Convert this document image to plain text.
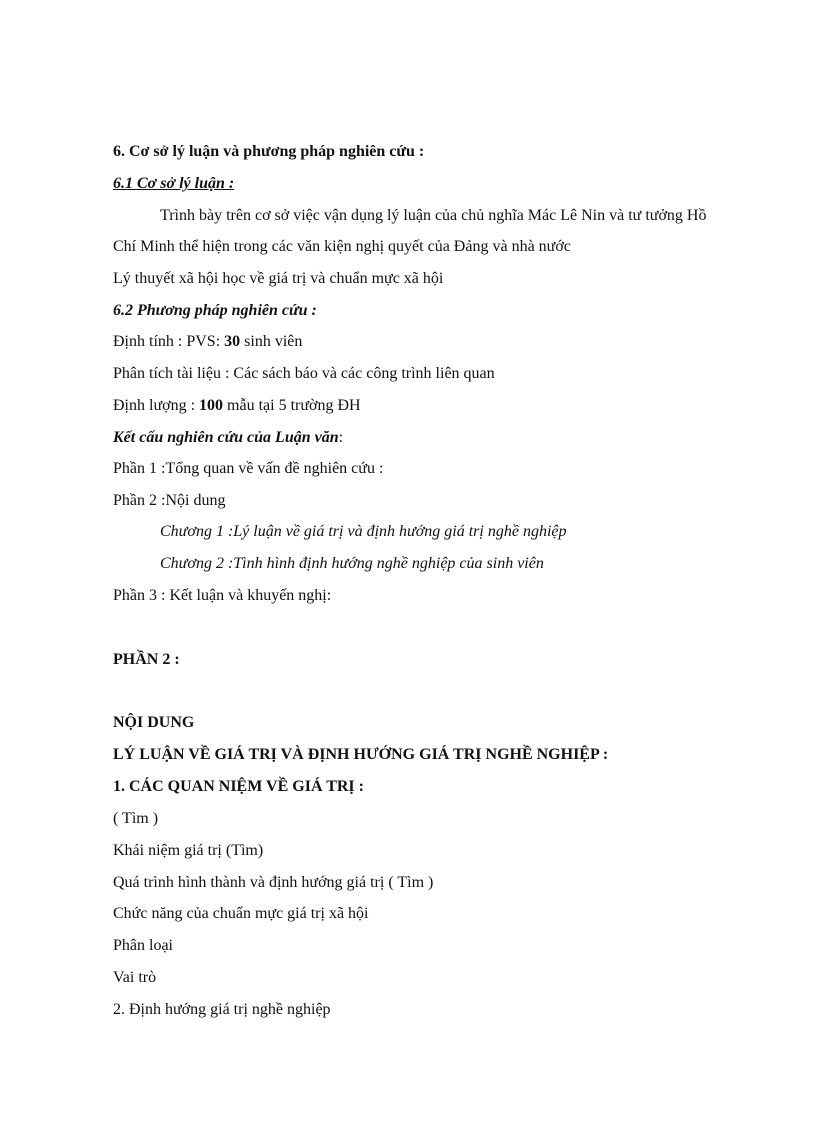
6. Cơ sở lý luận và phương pháp nghiên cứu :
6.1 Cơ sở lý luận :
Trình bày trên cơ sở việc vận dụng lý luận của chủ nghĩa Mác Lê Nin và tư tưởng Hồ
Chí Minh thể hiện trong các văn kiện nghị quyết của Đảng và nhà nước
Lý thuyết xã hội học về giá trị và chuẩn mực xã hội
6.2 Phương pháp nghiên cứu :
Định tính : PVS: 30 sinh viên
Phân tích tài liệu : Các sách báo và các công trình liên quan
Định lượng : 100 mẫu tại 5 trường ĐH
Kết cấu nghiên cứu của Luận văn:
Phần 1 :Tổng quan về vấn đề nghiên cứu :
Phần 2 :Nội dung
Chương 1 :Lý luận về giá trị và định hướng giá trị nghề nghiệp
Chương 2 :Tình hình định hướng nghề nghiệp của sinh viên
Phần 3 : Kết luận và khuyến nghị:
PHẦN 2 :
NỘI DUNG
LÝ LUẬN VỀ GIÁ TRỊ VÀ ĐỊNH HƯỚNG GIÁ TRỊ NGHỀ NGHIỆP :
1. CÁC QUAN NIỆM VỀ GIÁ TRỊ :
( Tìm )
Khái niệm giá trị (Tìm)
Quá trình hình thành và định hướng giá trị ( Tìm )
Chức năng của chuẩn mực giá trị xã hội
Phân loại
Vai trò
2. Định hướng giá trị nghề nghiệp
